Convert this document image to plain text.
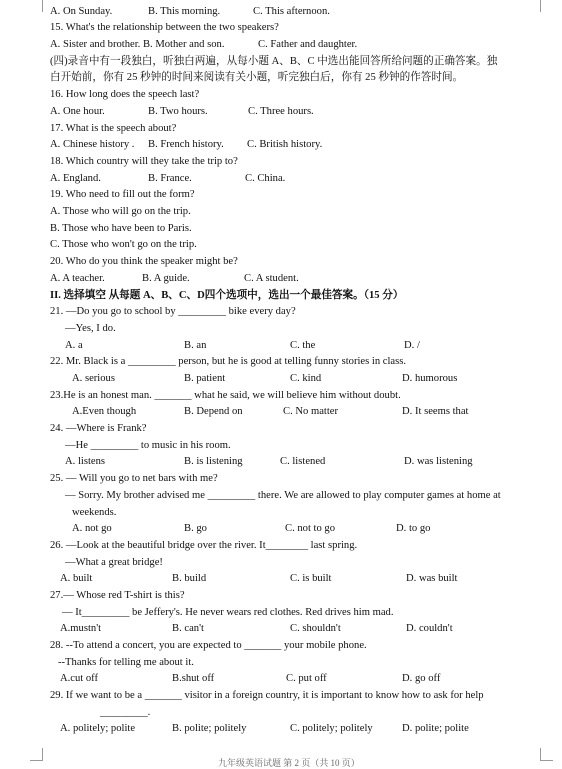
A. On Sunday.	B. This morning.	C. This afternoon.
15. What's the relationship between the two speakers?
A. Sister and brother. B. Mother and son.	C. Father and daughter.
(四)录音中有一段独白，听独白两遍，从每小题 A、B、C 中选出能回答所给问题的正确答案。独
白开始前，你有 25 秒钟的时间来阅读有关小题，听完独白后，你有 25 秒钟的作答时间。
16. How long does the speech last?
A. One hour.	B. Two hours.	C. Three hours.
17. What is the speech about?
A. Chinese history . B. French history. C. British history.
18. Which country will they take the trip to?
A. England.	B. France.	C. China.
19. Who need to fill out the form?
A. Those who will go on the trip.
B. Those who have been to Paris.
C. Those who won't go on the trip.
20. Who do you think the speaker might be?
A. A teacher.	B. A guide.	C. A student.
II. 选择填空 从每题 A、B、C、D四个选项中，选出一个最佳答案。（15 分）
21. —Do you go to school by _________ bike every day?
—Yes, I do.
A. a	B. an	C. the	D. /
22. Mr. Black is a _________ person, but he is good at telling funny stories in class.
A. serious	B. patient	C. kind	D. humorous
23.He is an honest man. _______ what he said, we will believe him without doubt.
A.Even though	B. Depend on	C. No matter	D. It seems that
24. —Where is Frank?
—He _________ to music in his room.
A. listens	B. is listening	C. listened	D. was listening
25. — Will you go to net bars with me?
— Sorry. My brother advised me _________ there. We are allowed to play computer games at home at
weekends.
A. not go	B. go	C. not to go	D. to go
26. —Look at the beautiful bridge over the river. It________ last spring.
—What a great bridge!
A. built	B. build	C. is built	D. was built
27.— Whose red T-shirt is this?
— It_________ be Jeffery's. He never wears red clothes. Red drives him mad.
A.mustn't	B. can't	C. shouldn't	D. couldn't
28. --To attend a concert, you are expected to _______ your mobile phone.
--Thanks for telling me about it.
A.cut off	B.shut off	C. put off	D. go off
29. If we want to be a _______ visitor in a foreign country, it is important to know how to ask for help
_________.
A. politely; polite	B. polite; politely	C. politely; politely	D. polite; polite
九年级英语试题 第 2 页（共 10 页）
